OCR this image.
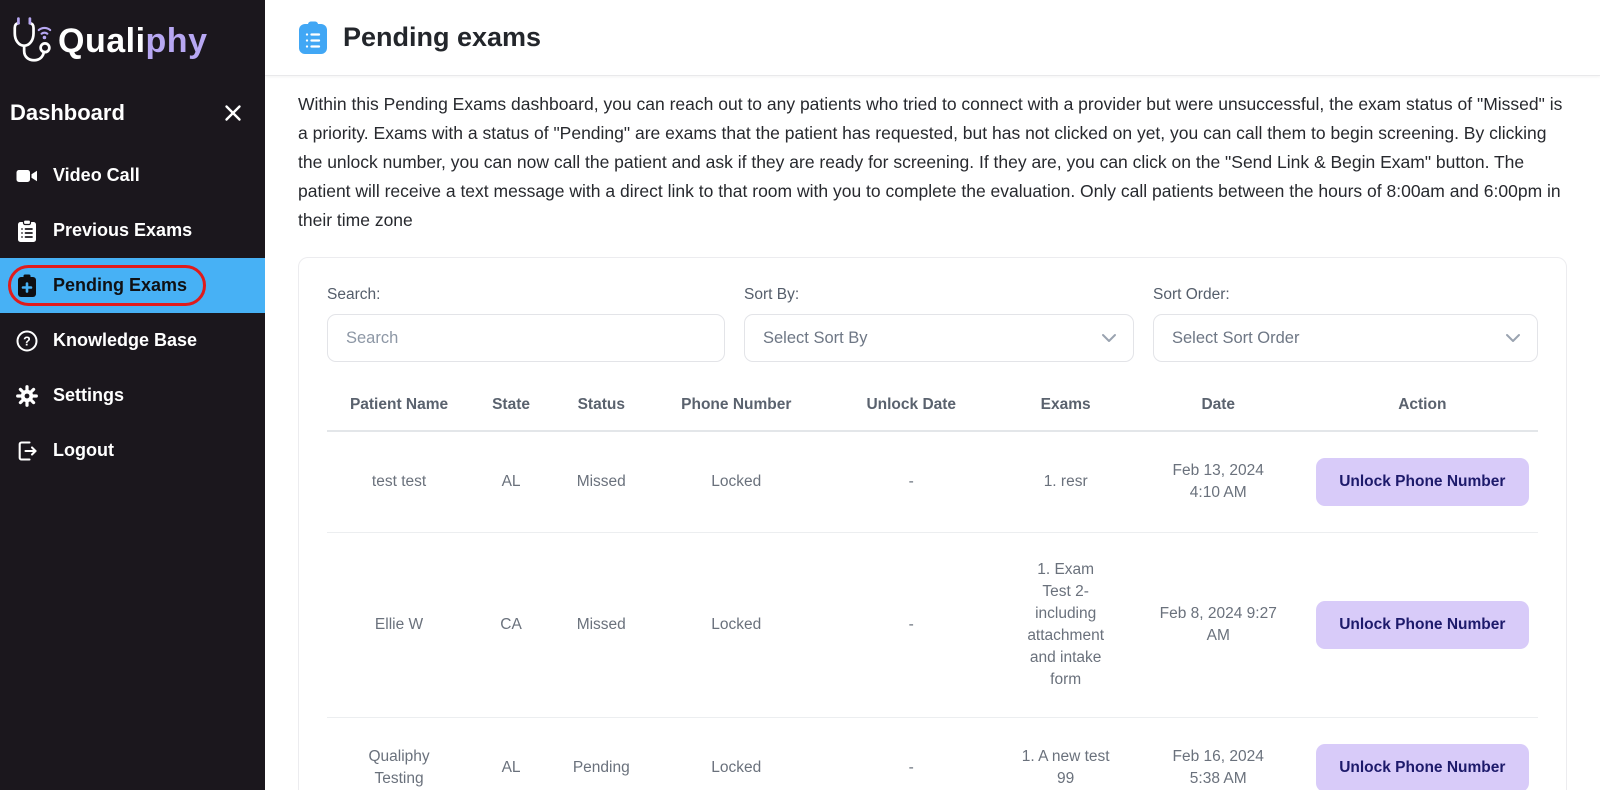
Qualiphy
Dashboard
Video Call
Previous Exams
Pending Exams
? Knowledge Base
Settings
Logout
Pending exams

Within this Pending Exams dashboard, you can reach out to any patients who tried to connect with a provider but were unsuccessful, the exam status of "Missed" is a priority. Exams with a status of "Pending" are exams that the patient has requested, but has not clicked on yet, you can call them to begin screening. By clicking the unlock number, you can now call the patient and ask if they are ready for screening. If they are, you can click on the "Send Link & Begin Exam" button. The patient will receive a text message with a direct link to that room with you to complete the evaluation. Only call patients between the hours of 8:00am and 6:00pm in their time zone

Search:
Search	Sort By:
Select Sort By
Sort Order:
Select Sort Order
Patient Name	State	Status	Phone Number	Unlock Date	Exams	Date	Action
test test	AL	Missed	Locked	-	1. resr	Feb 13, 2024 4:10 AM	Unlock Phone Number
Ellie W	CA	Missed	Locked	-	1. Exam Test 2- including attachment and intake form	Feb 8, 2024 9:27 AM	Unlock Phone Number
Qualiphy Testing	AL	Pending	Locked	-	1. A new test 99	Feb 16, 2024 5:38 AM	Unlock Phone Number
